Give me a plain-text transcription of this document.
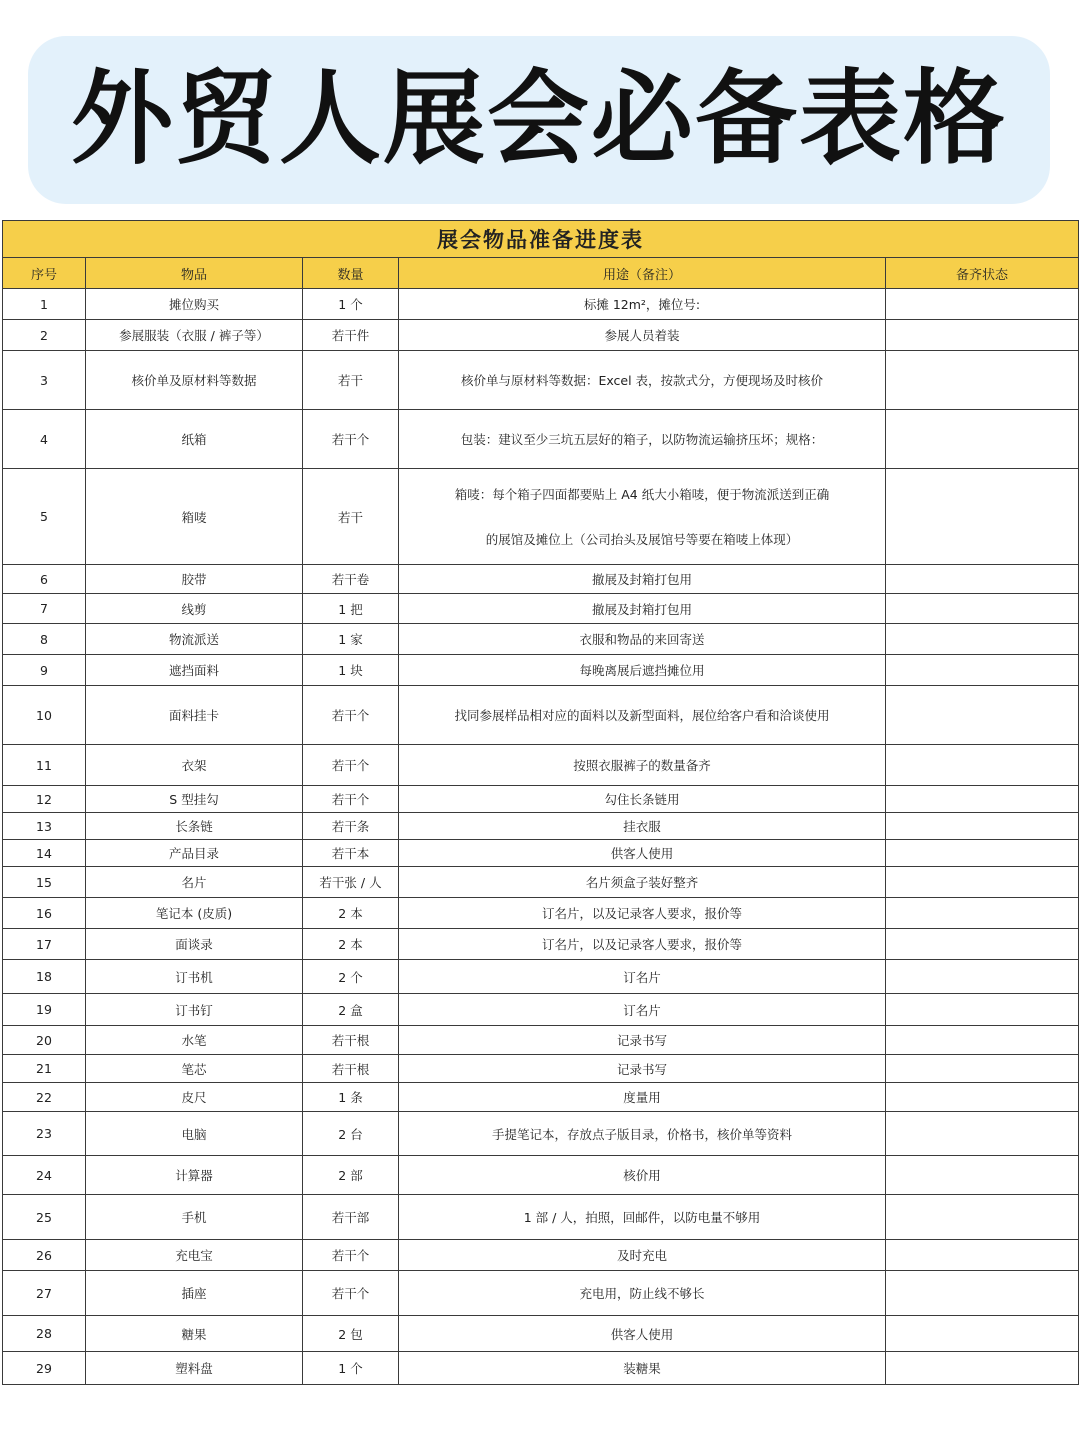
外贸人展会必备表格
展会物品准备进度表				
序号	物品	数量	用途（备注）	备齐状态
1	摊位购买	1 个	标摊 12m²，摊位号:	
2	参展服装（衣服 / 裤子等）	若干件	参展人员着装	
3	核价单及原材料等数据	若干	核价单与原材料等数据：Excel 表，按款式分，方便现场及时核价	
4	纸箱	若干个	包装：建议至少三坑五层好的箱子，以防物流运输挤压坏；规格：	
5	箱唛	若干	箱唛：每个箱子四面都要贴上 A4 纸大小箱唛，便于物流派送到正确
的展馆及摊位上（公司抬头及展馆号等要在箱唛上体现）	

6	胶带	若干卷	撤展及封箱打包用	
7	线剪	1 把	撤展及封箱打包用	
8	物流派送	1 家	衣服和物品的来回寄送	
9	遮挡面料	1 块	每晚离展后遮挡摊位用	
10	面料挂卡	若干个	找同参展样品相对应的面料以及新型面料，展位给客户看和洽谈使用	
11	衣架	若干个	按照衣服裤子的数量备齐	
12	S 型挂勾	若干个	勾住长条链用	
13	长条链	若干条	挂衣服	
14	产品目录	若干本	供客人使用	
15	名片	若干张 / 人	名片须盒子装好整齐	
16	笔记本 (皮质)	2 本	订名片，以及记录客人要求，报价等	
17	面谈录	2 本	订名片，以及记录客人要求，报价等	
18	订书机	2 个	订名片	
19	订书钉	2 盒	订名片	
20	水笔	若干根	记录书写	
21	笔芯	若干根	记录书写	
22	皮尺	1 条	度量用	
23	电脑	2 台	手提笔记本，存放点子版目录，价格书，核价单等资料	
24	计算器	2 部	核价用	
25	手机	若干部	1 部 / 人，拍照，回邮件，以防电量不够用	
26	充电宝	若干个	及时充电	
27	插座	若干个	充电用，防止线不够长	
28	糖果	2 包	供客人使用	
29	塑料盘	1 个	装糖果	
